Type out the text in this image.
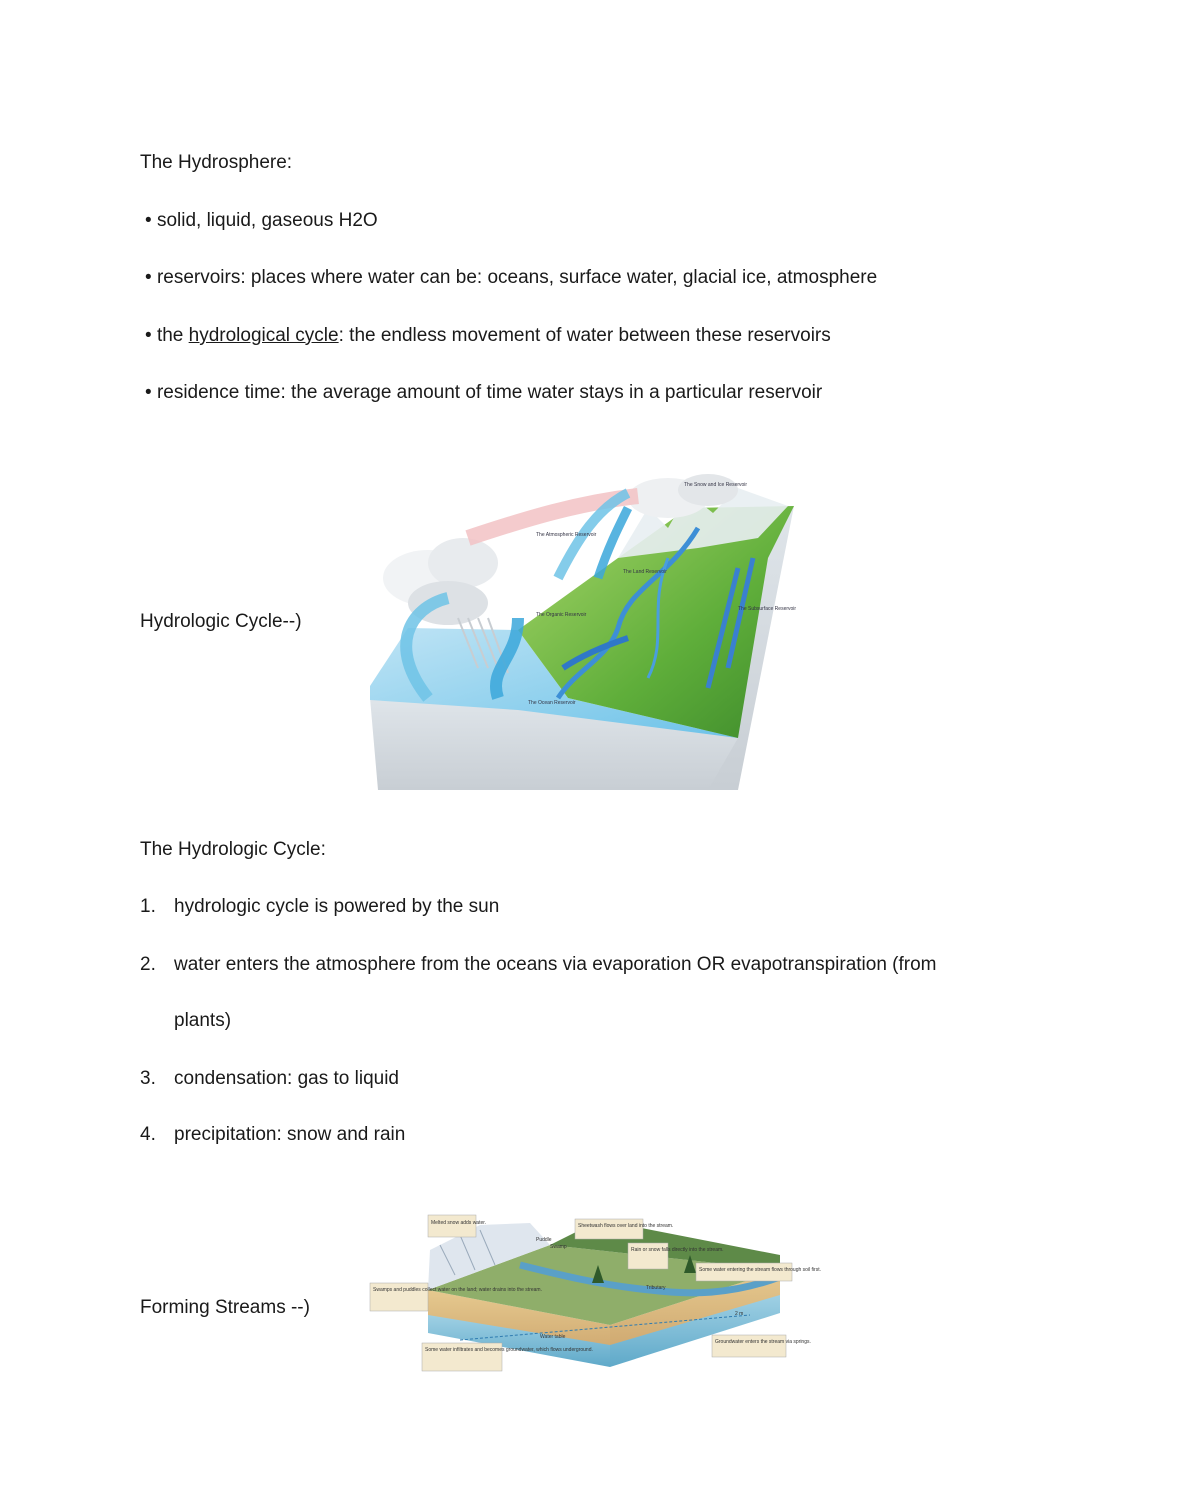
The Hydrosphere:
• solid, liquid, gaseous H2O
• reservoirs: places where water can be: oceans, surface water, glacial ice, atmosphere
• the hydrological cycle: the endless movement of water between these reservoirs
• residence time: the average amount of time water stays in a particular reservoir
Hydrologic Cycle--)
The Snow and Ice Reservoir
The Atmospheric Reservoir
The Land Reservoir
The Organic Reservoir
The Subsurface Reservoir
The Ocean Reservoir
The Hydrologic Cycle:
1. hydrologic cycle is powered by the sun
2. water enters the atmosphere from the oceans via evaporation OR evapotranspiration (from
plants)
3. condensation: gas to liquid
4. precipitation: snow and rain
Forming Streams --)
Melted snow adds water.	Sheetwash flows over land into the stream.
Swamps and puddles collect water on the land; water drains into the stream.
Rain or snow falls directly into the stream.
Some water entering the stream flows through soil first.
Some water infiltrates and becomes groundwater, which flows underground.
Groundwater enters the stream via springs.
Water table
Puddle
Swamp
Tributary
2 m
